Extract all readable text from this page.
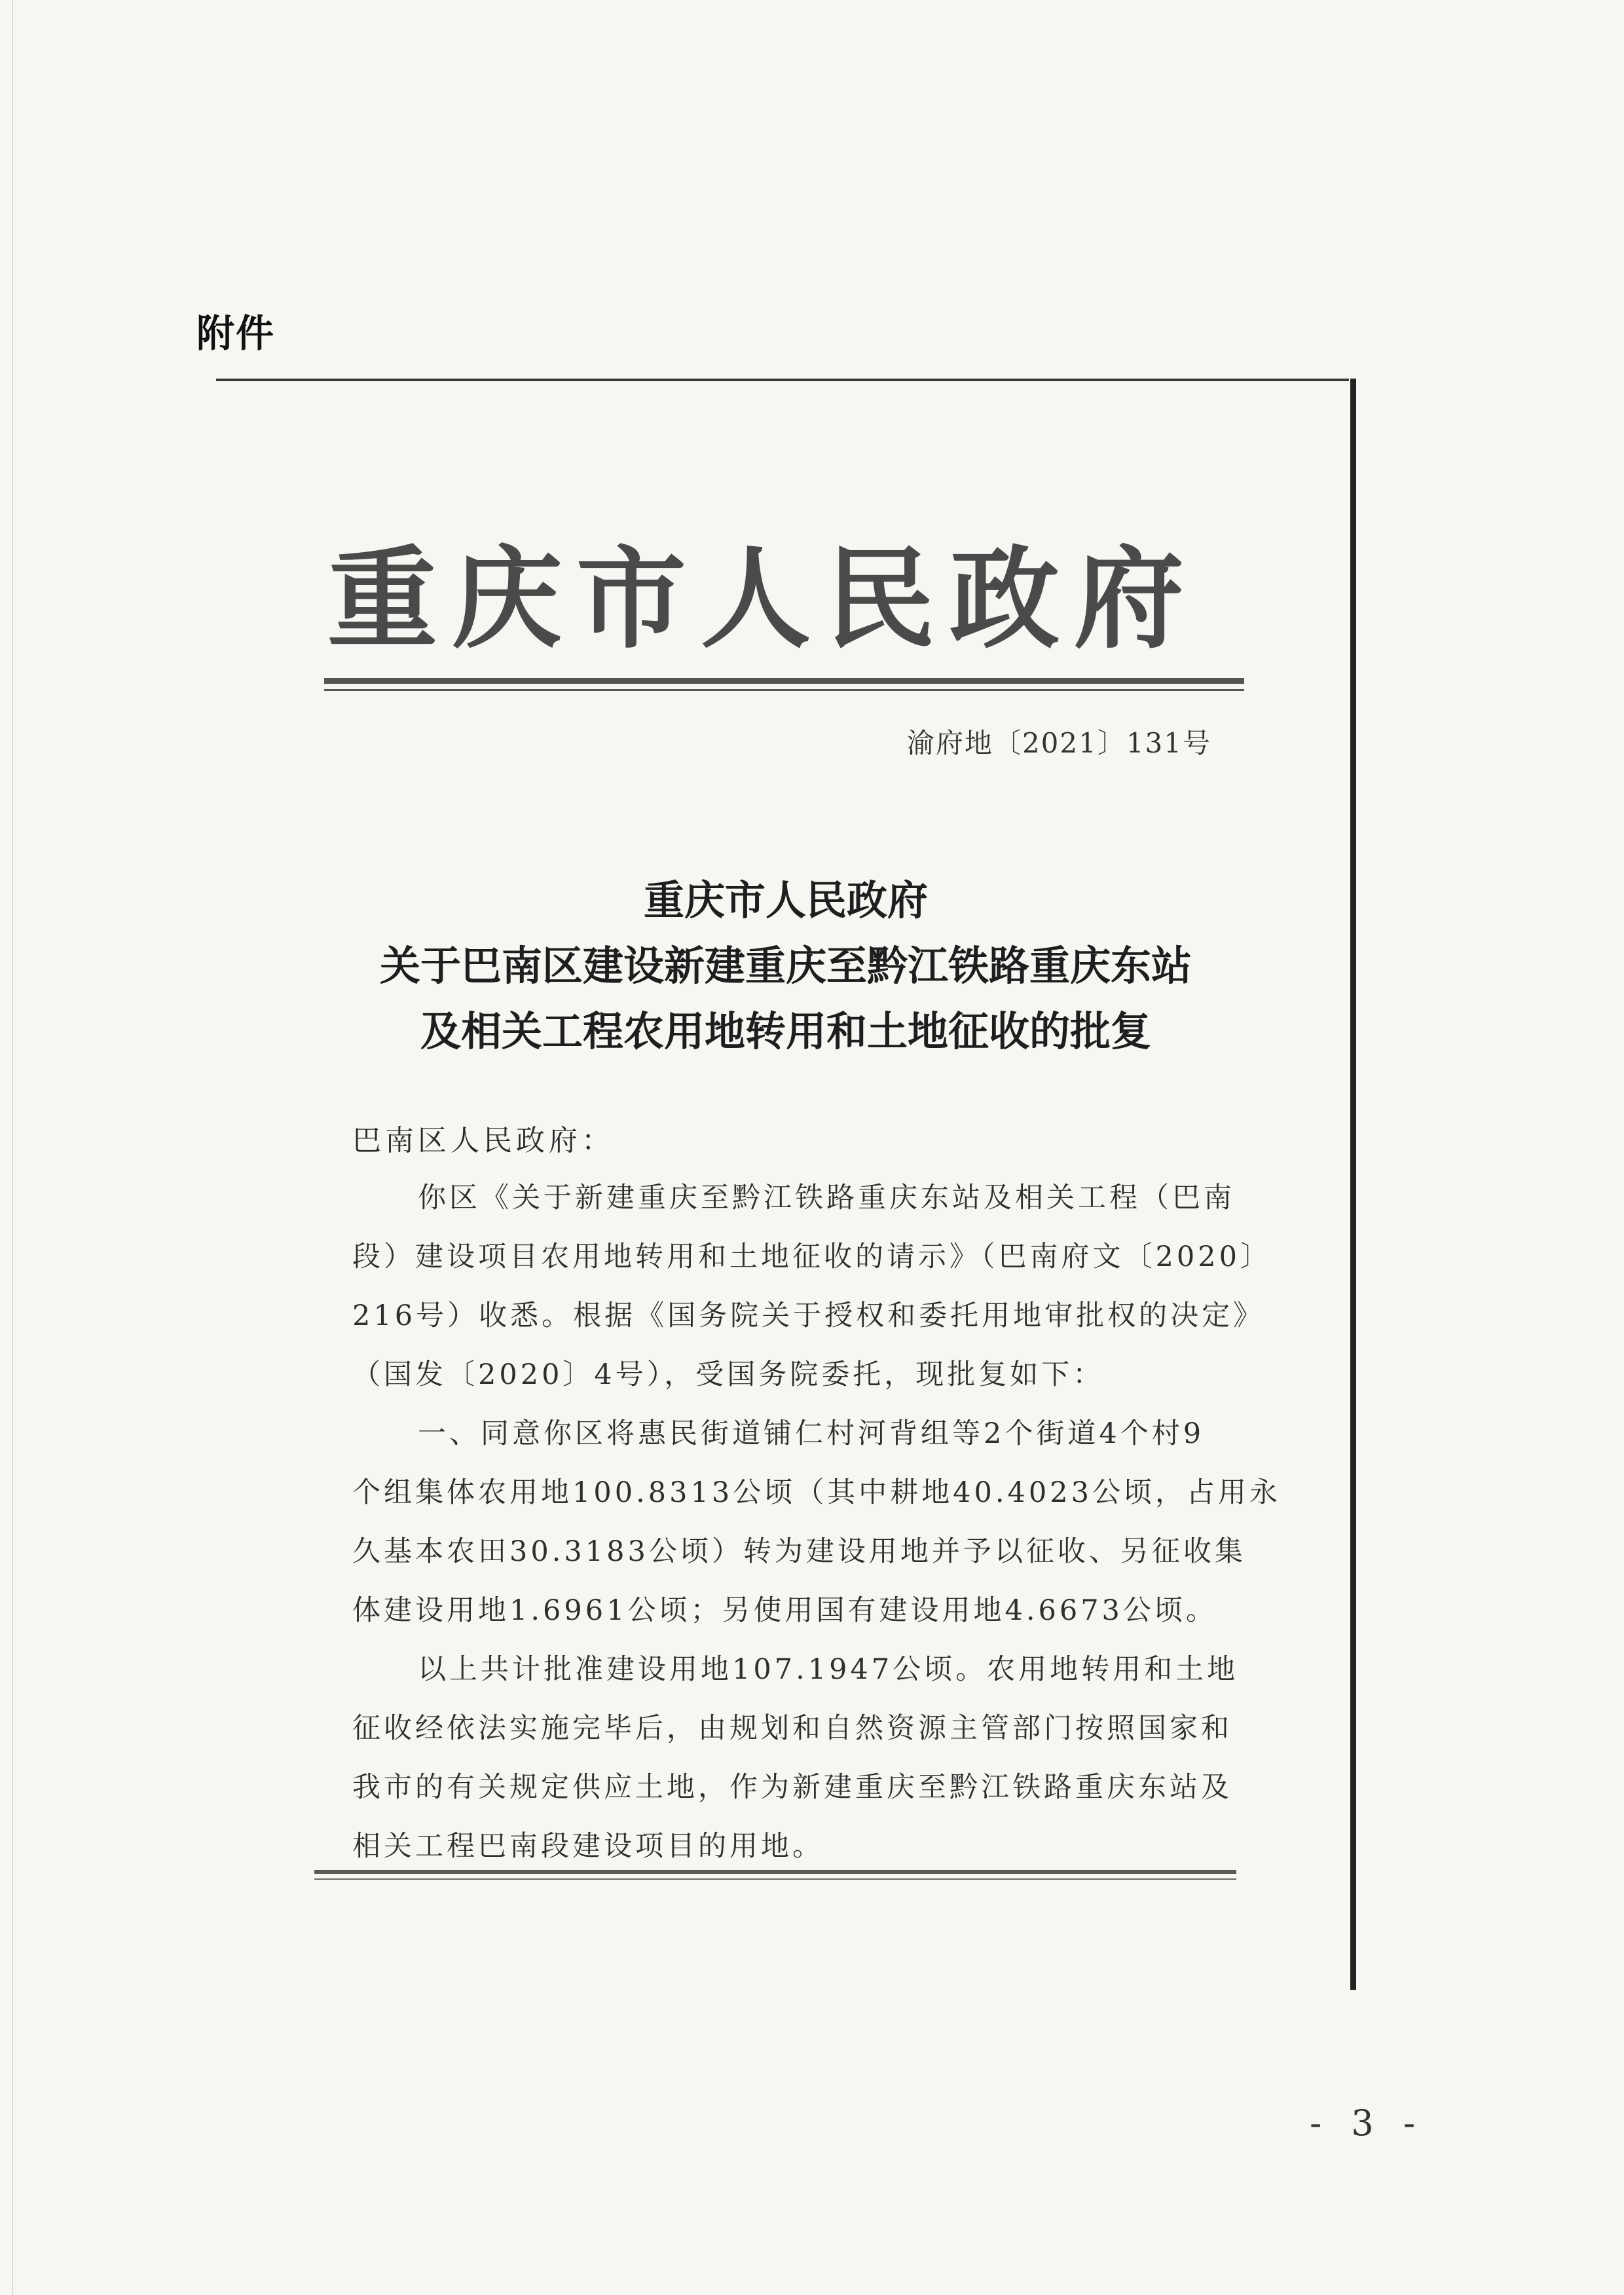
附件
重庆市人民政府
渝府地〔2021〕131号
重庆市人民政府
关于巴南区建设新建重庆至黔江铁路重庆东站
及相关工程农用地转用和土地征收的批复
巴南区人民政府：
你区《关于新建重庆至黔江铁路重庆东站及相关工程（巴南
段）建设项目农用地转用和土地征收的请示》（巴南府文〔2020〕
216号）收悉。根据《国务院关于授权和委托用地审批权的决定》
（国发〔2020〕4号），受国务院委托，现批复如下：
一、同意你区将惠民街道铺仁村河背组等2个街道4个村9
个组集体农用地100.8313公顷（其中耕地40.4023公顷，占用永
久基本农田30.3183公顷）转为建设用地并予以征收、另征收集
体建设用地1.6961公顷；另使用国有建设用地4.6673公顷。
以上共计批准建设用地107.1947公顷。农用地转用和土地
征收经依法实施完毕后，由规划和自然资源主管部门按照国家和
我市的有关规定供应土地，作为新建重庆至黔江铁路重庆东站及
相关工程巴南段建设项目的用地。
- 3 -
